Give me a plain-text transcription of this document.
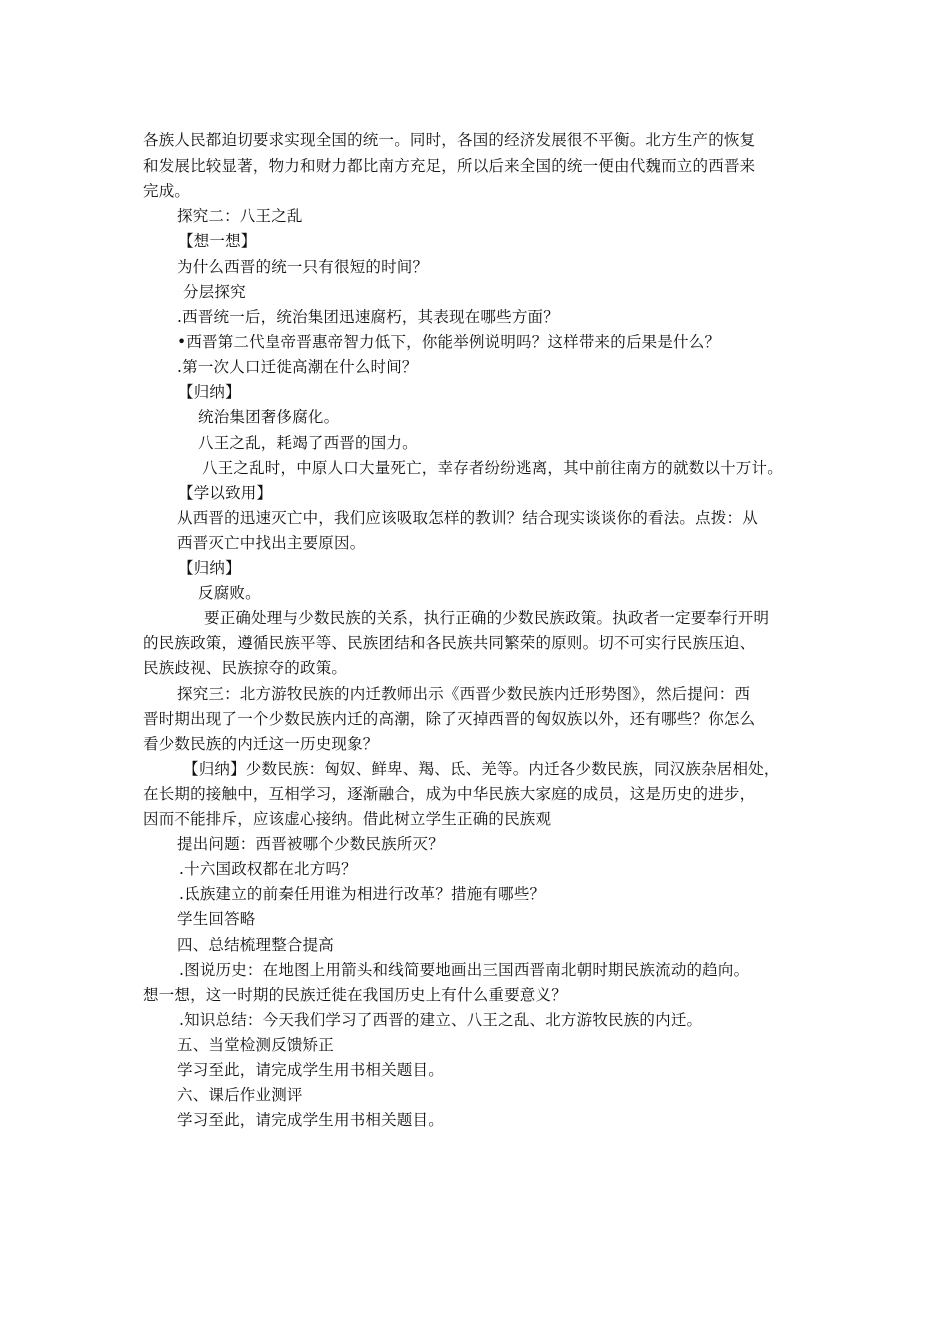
各族人民都迫切要求实现全国的统一。同时，各国的经济发展很不平衡。北方生产的恢复
和发展比较显著，物力和财力都比南方充足，所以后来全国的统一便由代魏而立的西晋来
完成。
探究二：八王之乱
【想一想】
为什么西晋的统一只有很短的时间？
分层探究
.西晋统一后，统治集团迅速腐朽，其表现在哪些方面？
•西晋第二代皇帝晋惠帝智力低下，你能举例说明吗？这样带来的后果是什么？
.第一次人口迁徙高潮在什么时间？
【归纳】
统治集团奢侈腐化。
八王之乱，耗竭了西晋的国力。
八王之乱时，中原人口大量死亡，幸存者纷纷逃离，其中前往南方的就数以十万计。
【学以致用】
从西晋的迅速灭亡中，我们应该吸取怎样的教训？结合现实谈谈你的看法。点拨：从
西晋灭亡中找出主要原因。
【归纳】
反腐败。
要正确处理与少数民族的关系，执行正确的少数民族政策。执政者一定要奉行开明
的民族政策，遵循民族平等、民族团结和各民族共同繁荣的原则。切不可实行民族压迫、
民族歧视、民族掠夺的政策。
探究三：北方游牧民族的内迁教师出示《西晋少数民族内迁形势图》，然后提问：西
晋时期出现了一个少数民族内迁的高潮，除了灭掉西晋的匈奴族以外，还有哪些？你怎么
看少数民族的内迁这一历史现象？
【归纳】少数民族：匈奴、鲜卑、羯、氐、羌等。内迁各少数民族，同汉族杂居相处，
在长期的接触中，互相学习，逐渐融合，成为中华民族大家庭的成员，这是历史的进步，
因而不能排斥，应该虚心接纳。借此树立学生正确的民族观
提出问题：西晋被哪个少数民族所灭？
.十六国政权都在北方吗？
.氐族建立的前秦任用谁为相进行改革？措施有哪些？
学生回答略
四、总结梳理整合提高
.图说历史：在地图上用箭头和线简要地画出三国西晋南北朝时期民族流动的趋向。
想一想，这一时期的民族迁徙在我国历史上有什么重要意义？
.知识总结：今天我们学习了西晋的建立、八王之乱、北方游牧民族的内迁。
五、当堂检测反馈矫正
学习至此，请完成学生用书相关题目。
六、课后作业测评
学习至此，请完成学生用书相关题目。
